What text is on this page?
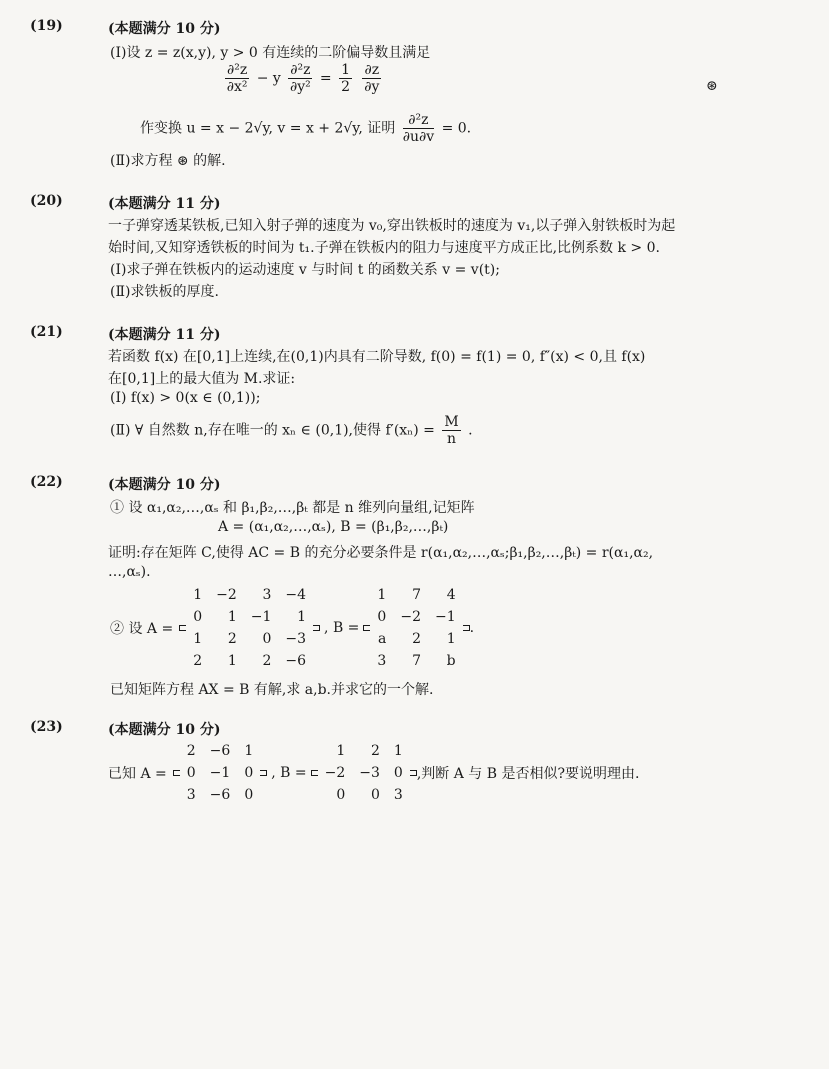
(19)	(本题满分 10 分)
(Ⅰ)设 z = z(x,y), y > 0 有连续的二阶偏导数且满足
$\frac{\text{∂²z}}{\text{∂x²}} - y \frac{\text{∂²z}}{\text{∂y²}} = \frac{1}{2}$
$\frac{\partial z}{\partial y}$	⊛
作变换 u = x − 2√y, v = x + 2√y, 证明 $\frac{\text{∂²z}}{\partial u\partial v} = 0$.
(Ⅱ)求方程 ⊛ 的解.
(20)	(本题满分 11 分)
一子弹穿透某铁板,已知入射子弹的速度为 v₀,穿出铁板时的速度为 v₁,以子弹入射铁板时为起
始时间,又知穿透铁板的时间为 t₁.子弹在铁板内的阻力与速度平方成正比,比例系数 k > 0.
(Ⅰ)求子弹在铁板内的运动速度 v 与时间 t 的函数关系 v = v(t);
(Ⅱ)求铁板的厚度.
(21)	(本题满分 11 分)
若函数 f(x) 在[0,1]上连续,在(0,1)内具有二阶导数, f(0) = f(1) = 0, f″(x) < 0,且 f(x)
在[0,1]上的最大值为 M.求证:
(Ⅰ) f(x) > 0(x ∈ (0,1));
(Ⅱ) ∀ 自然数 n,存在唯一的 xₙ ∈ (0,1),使得 $f'(x_n) = \frac{M}{n}$ .
(22)	(本题满分 10 分)
① 设 α₁,α₂,…,αₛ 和 β₁,β₂,…,βₜ 都是 n 维列向量组,记矩阵
A = (α₁,α₂,…,αₛ), B = (β₁,β₂,…,βₜ)
证明:存在矩阵 C,使得 AC = B 的充分必要条件是 r(α₁,α₂,…,αₛ;β₁,β₂,…,βₜ) = r(α₁,α₂,
…,αₛ).
② 设 A =
1	−2	3	−4
0	1	−1	1
1	2	0	−3
2	1	2	−6
, B =
1	7	4
0	−2	−1
a	2	1
3	7	b
.
已知矩阵方程 AX = B 有解,求 a,b.并求它的一个解.
(23)	(本题满分 10 分)
已知 A =
2	−6	1
0	−1	0
3	−6	0
, B =
1	2	1
−2	−3	0
0	0	3
,判断 A 与 B 是否相似?要说明理由.
